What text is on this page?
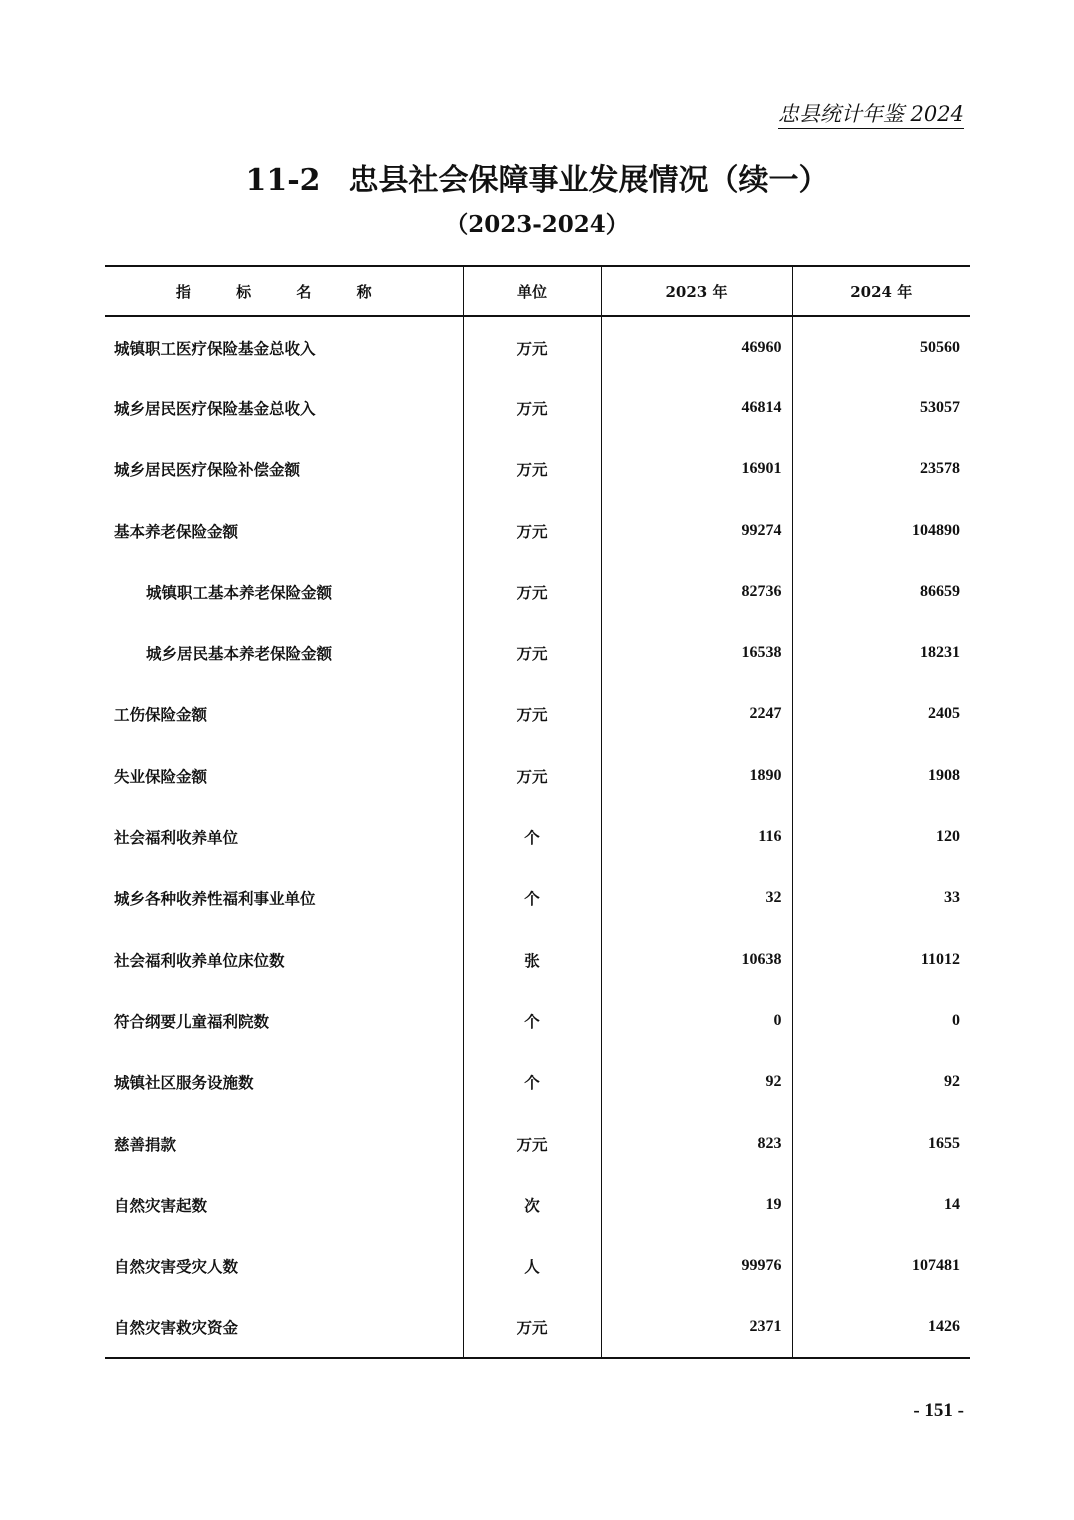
忠县统计年鉴 2024
11-2 忠县社会保障事业发展情况（续一）
（2023-2024）
指 标 名 称	单位	2023 年	2024 年
城镇职工医疗保险基金总收入	万元	46960	50560
城乡居民医疗保险基金总收入	万元	46814	53057
城乡居民医疗保险补偿金额	万元	16901	23578
基本养老保险金额	万元	99274	104890
城镇职工基本养老保险金额	万元	82736	86659
城乡居民基本养老保险金额	万元	16538	18231
工伤保险金额	万元	2247	2405
失业保险金额	万元	1890	1908
社会福利收养单位	个	116	120
城乡各种收养性福利事业单位	个	32	33
社会福利收养单位床位数	张	10638	11012
符合纲要儿童福利院数	个	0	0
城镇社区服务设施数	个	92	92
慈善捐款	万元	823	1655
自然灾害起数	次	19	14
自然灾害受灾人数	人	99976	107481
自然灾害救灾资金	万元	2371	1426
- 151 -
